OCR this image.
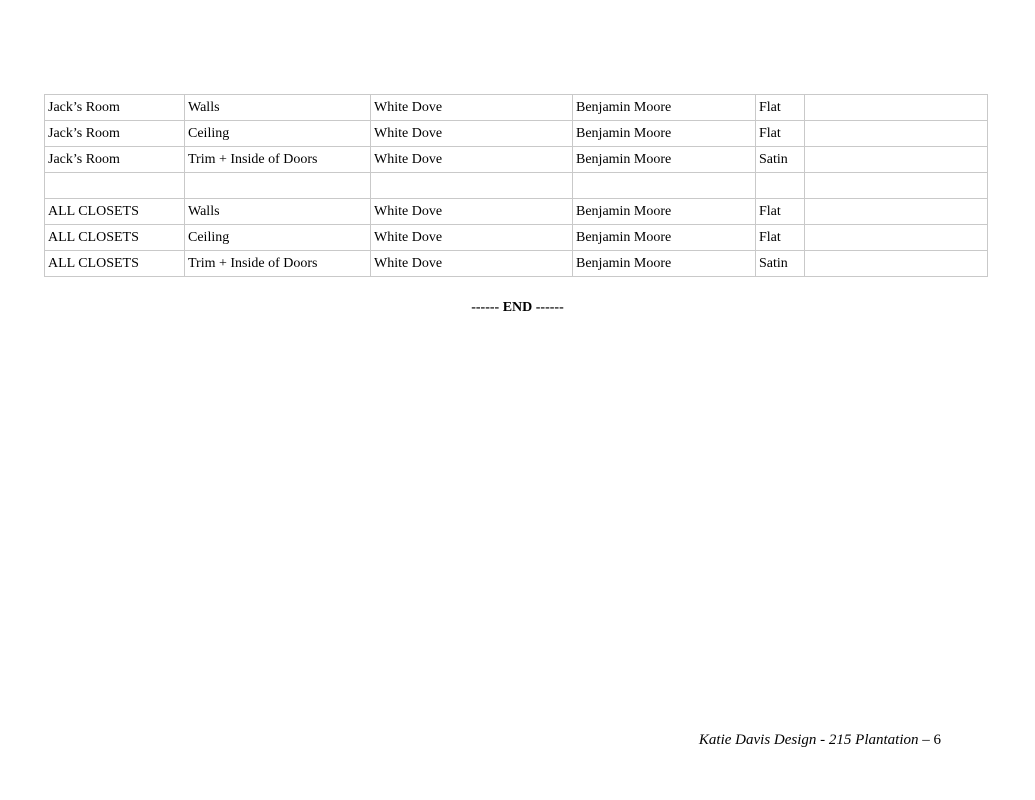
Jack’s Room	Walls	White Dove	Benjamin Moore	Flat	
Jack’s Room	Ceiling	White Dove	Benjamin Moore	Flat	
Jack’s Room	Trim + Inside of Doors	White Dove	Benjamin Moore	Satin	

ALL CLOSETS	Walls	White Dove	Benjamin Moore	Flat	
ALL CLOSETS	Ceiling	White Dove	Benjamin Moore	Flat	
ALL CLOSETS	Trim + Inside of Doors	White Dove	Benjamin Moore	Satin	
------ END ------
Katie Davis Design - 215 Plantation – 6
